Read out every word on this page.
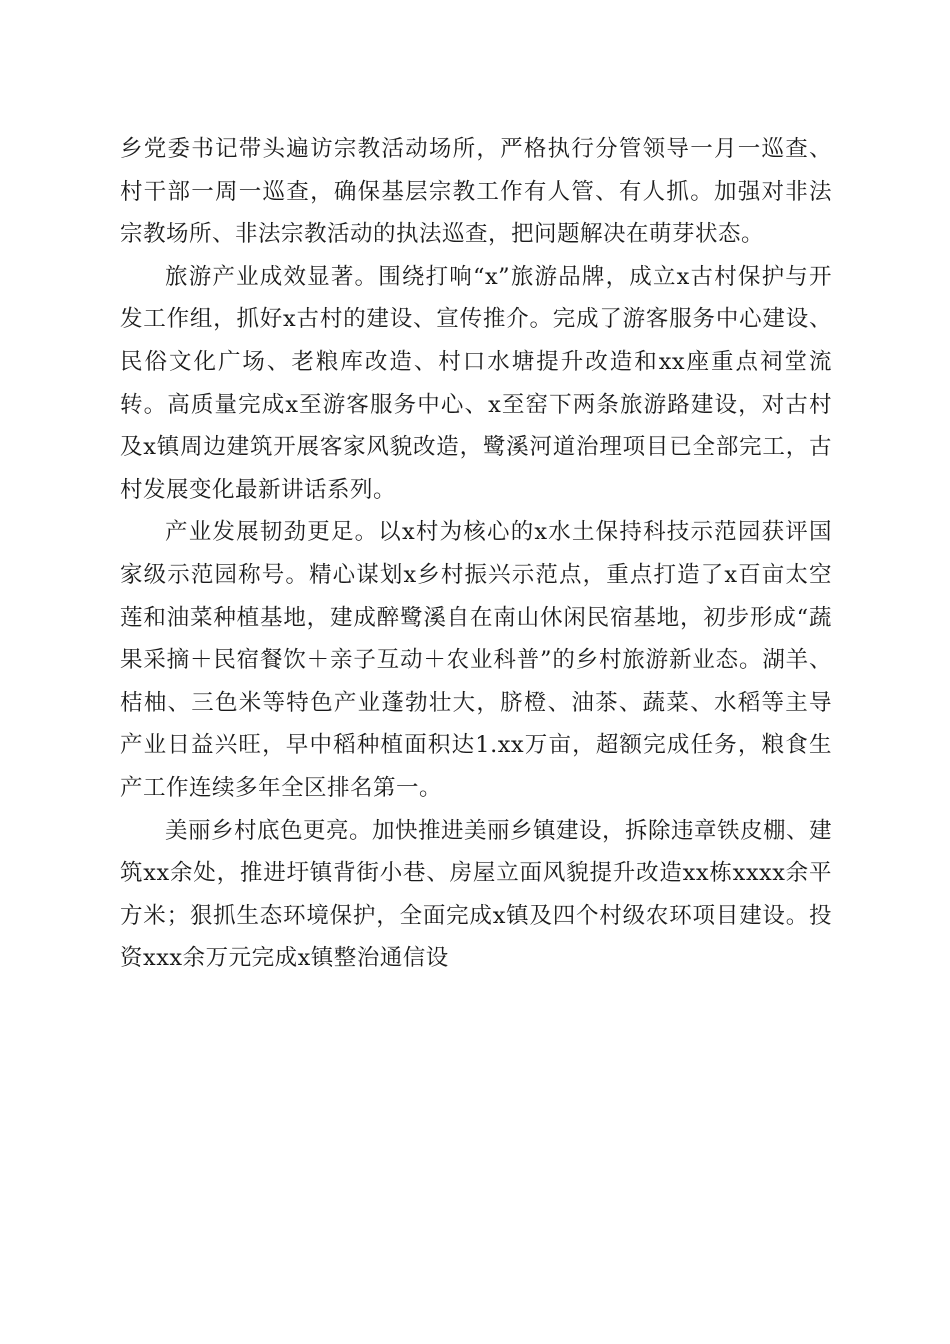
乡党委书记带头遍访宗教活动场所，严格执行分管领导一月一巡查、村干部一周一巡查，确保基层宗教工作有人管、有人抓。加强对非法宗教场所、非法宗教活动的执法巡查，把问题解决在萌芽状态。

旅游产业成效显著。围绕打响“x”旅游品牌，成立x古村保护与开发工作组，抓好x古村的建设、宣传推介。完成了游客服务中心建设、民俗文化广场、老粮库改造、村口水塘提升改造和xx座重点祠堂流转。高质量完成x至游客服务中心、x至窑下两条旅游路建设，对古村及x镇周边建筑开展客家风貌改造，鹭溪河道治理项目已全部完工，古村发展变化最新讲话系列。

产业发展韧劲更足。以x村为核心的x水土保持科技示范园获评国家级示范园称号。精心谋划x乡村振兴示范点，重点打造了x百亩太空莲和油菜种植基地，建成醉鹭溪自在南山休闲民宿基地，初步形成“蔬果采摘＋民宿餐饮＋亲子互动＋农业科普”的乡村旅游新业态。湖羊、桔柚、三色米等特色产业蓬勃壮大，脐橙、油茶、蔬菜、水稻等主导产业日益兴旺，早中稻种植面积达1.xx万亩，超额完成任务，粮食生产工作连续多年全区排名第一。

美丽乡村底色更亮。加快推进美丽乡镇建设，拆除违章铁皮棚、建筑xx余处，推进圩镇背街小巷、房屋立面风貌提升改造xx栋xxxx余平方米；狠抓生态环境保护，全面完成x镇及四个村级农环项目建设。投资xxx余万元完成x镇整治通信设
